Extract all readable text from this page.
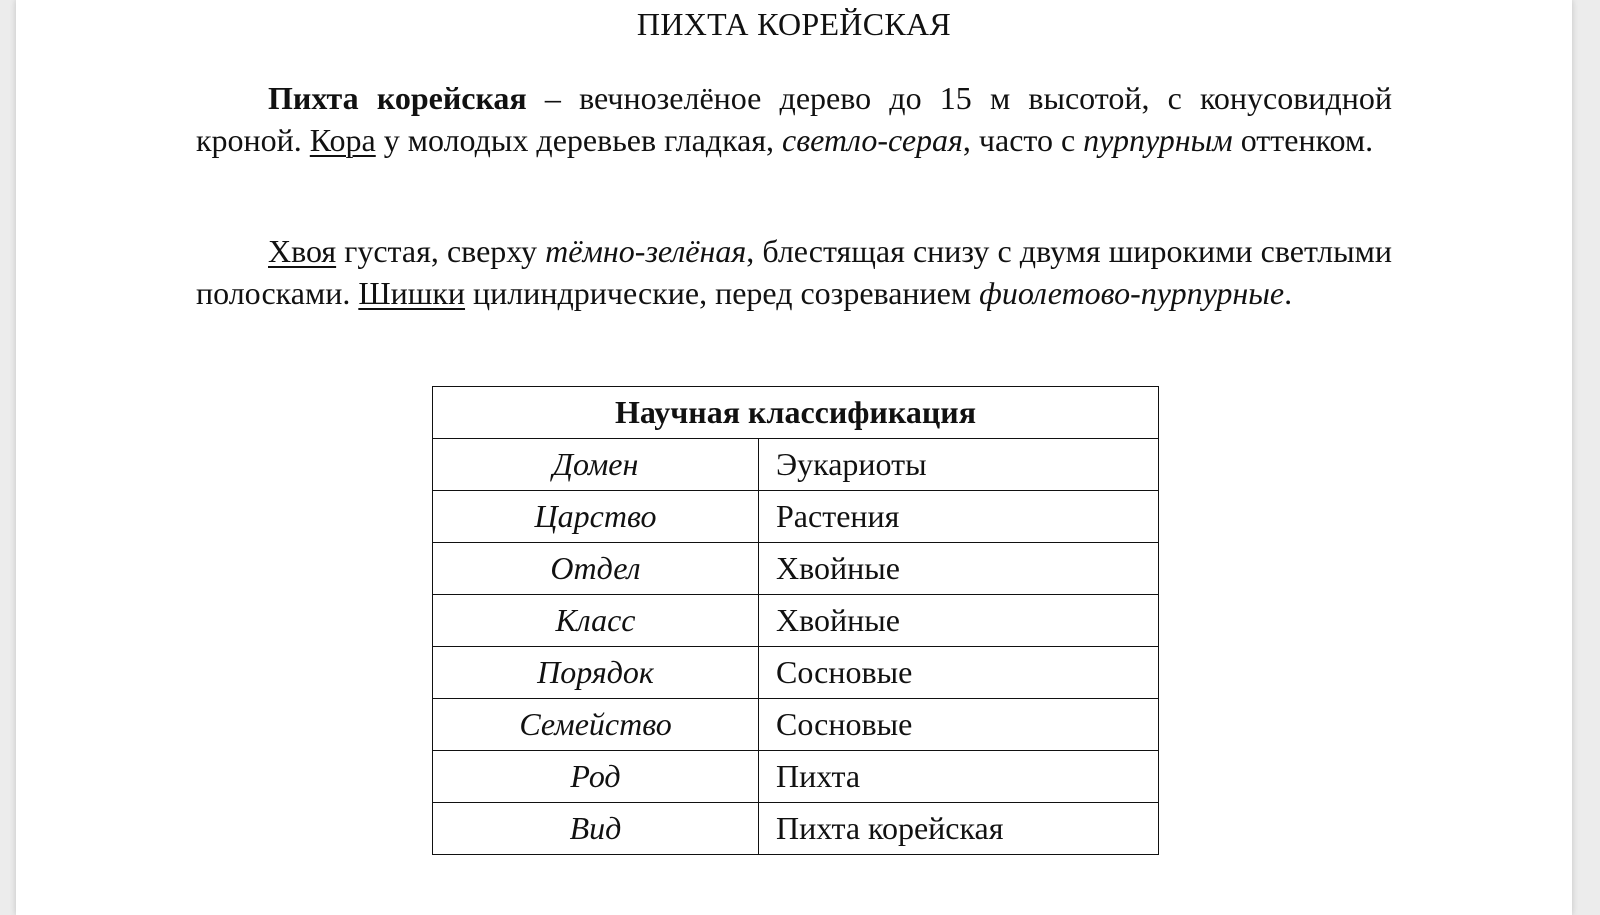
ПИХТА КОРЕЙСКАЯ

Пихта корейская – вечнозелёное дерево до 15 м высотой, с конусовидной кроной. Кора у молодых деревьев гладкая, светло-серая, часто с пурпурным оттенком.

Хвоя густая, сверху тёмно-зелёная, блестящая снизу с двумя широкими светлыми полосками. Шишки цилиндрические, перед созреванием фиолетово-пурпурные.

Научная классификация	
Домен	Эукариоты
Царство	Растения
Отдел	Хвойные
Класс	Хвойные
Порядок	Сосновые
Семейство	Сосновые
Род	Пихта
Вид	Пихта корейская
